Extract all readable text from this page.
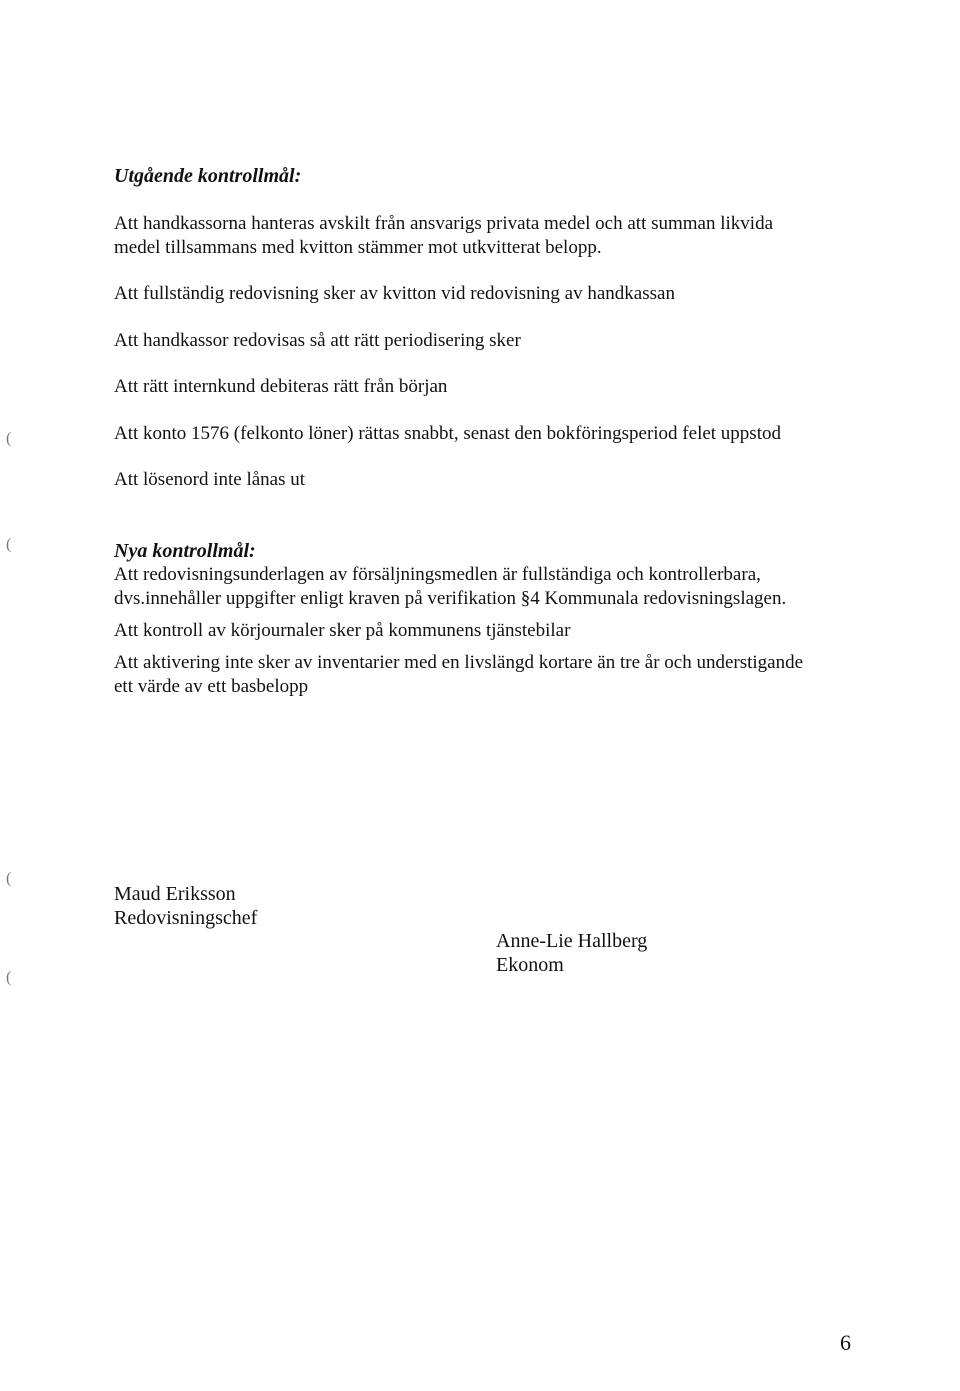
Utgående kontrollmål:

Att handkassorna hanteras avskilt från ansvarigs privata medel och att summan likvida
medel tillsammans med kvitton stämmer mot utkvitterat belopp.

Att fullständig redovisning sker av kvitton vid redovisning av handkassan

Att handkassor redovisas så att rätt periodisering sker

Att rätt internkund debiteras rätt från början

Att konto 1576 (felkonto löner) rättas snabbt, senast den bokföringsperiod felet uppstod

Att lösenord inte lånas ut

Nya kontrollmål:

Att redovisningsunderlagen av försäljningsmedlen är fullständiga och kontrollerbara,
dvs.innehåller uppgifter enligt kraven på verifikation §4 Kommunala redovisningslagen.

Att kontroll av körjournaler sker på kommunens tjänstebilar

Att aktivering inte sker av inventarier med en livslängd kortare än tre år och understigande
ett värde av ett basbelopp

Maud Eriksson
Redovisningschef
Anne-Lie Hallberg
Ekonom
(
(
(
(

6
